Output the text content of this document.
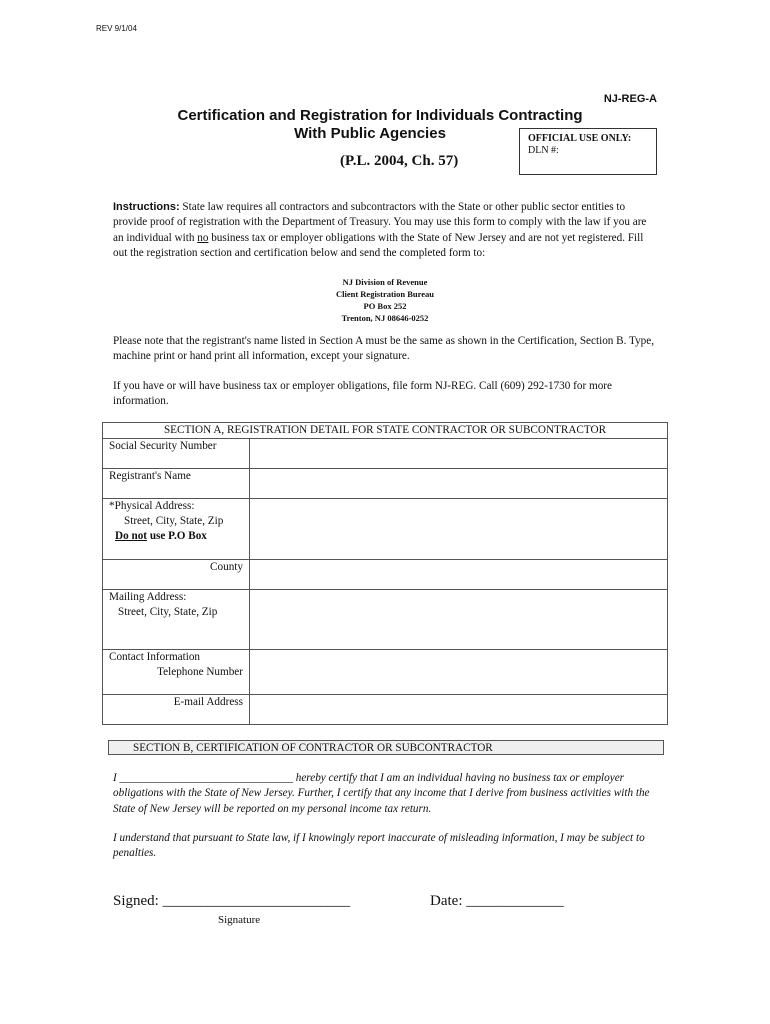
REV 9/1/04
NJ-REG-A
Certification and Registration for Individuals Contracting
With Public Agencies
(P.L. 2004, Ch. 57)
OFFICIAL USE ONLY:
DLN #:
Instructions: State law requires all contractors and subcontractors with the State or other public sector entities to provide proof of registration with the Department of Treasury. You may use this form to comply with the law if you are an individual with no business tax or employer obligations with the State of New Jersey and are not yet registered. Fill out the registration section and certification below and send the completed form to:
NJ Division of Revenue
Client Registration Bureau
PO Box 252
Trenton, NJ 08646-0252
Please note that the registrant's name listed in Section A must be the same as shown in the Certification, Section B. Type, machine print or hand print all information, except your signature.
If you have or will have business tax or employer obligations, file form NJ-REG. Call (609) 292-1730 for more information.
SECTION A, REGISTRATION DETAIL FOR STATE CONTRACTOR OR SUBCONTRACTOR	
Social Security Number	
Registrant's Name	

*Physical Address:
Street, City, State, Zip
Do not use P.O Box	

County	

Mailing Address:
Street, City, State, Zip	

Contact Information
Telephone Number	

E-mail Address	
SECTION B, CERTIFICATION OF CONTRACTOR OR SUBCONTRACTOR
I _______________________________ hereby certify that I am an individual having no business tax or employer obligations with the State of New Jersey. Further, I certify that any income that I derive from business activities with the State of New Jersey will be reported on my personal income tax return.
I understand that pursuant to State law, if I knowingly report inaccurate of misleading information, I may be subject to penalties.
Signed: _________________________	Date: _____________
Signature
